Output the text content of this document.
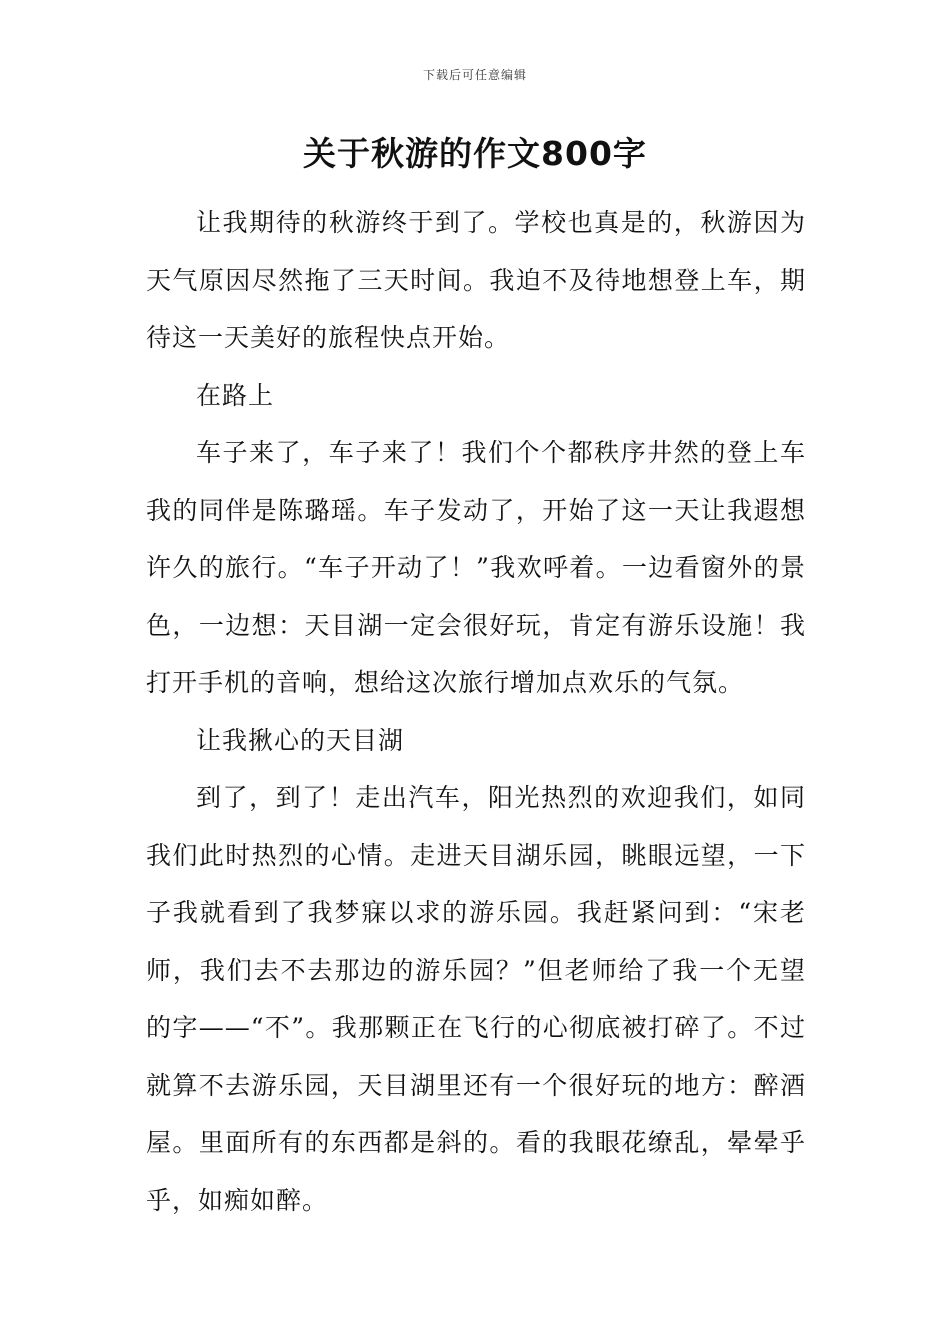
下载后可任意编辑
关于秋游的作文800字

让我期待的秋游终于到了。学校也真是的，秋游因为天气原因尽然拖了三天时间。我迫不及待地想登上车，期待这一天美好的旅程快点开始。

在路上

车子来了，车子来了！我们个个都秩序井然的登上车我的同伴是陈璐瑶。车子发动了，开始了这一天让我遐想许久的旅行。“车子开动了！”我欢呼着。一边看窗外的景色，一边想：天目湖一定会很好玩，肯定有游乐设施！我打开手机的音响，想给这次旅行增加点欢乐的气氛。

让我揪心的天目湖

到了，到了！走出汽车，阳光热烈的欢迎我们，如同我们此时热烈的心情。走进天目湖乐园，眺眼远望，一下子我就看到了我梦寐以求的游乐园。我赶紧问到：“宋老师，我们去不去那边的游乐园？”但老师给了我一个无望的字——“不”。我那颗正在飞行的心彻底被打碎了。不过就算不去游乐园，天目湖里还有一个很好玩的地方：醉酒屋。里面所有的东西都是斜的。看的我眼花缭乱，晕晕乎乎，如痴如醉。
